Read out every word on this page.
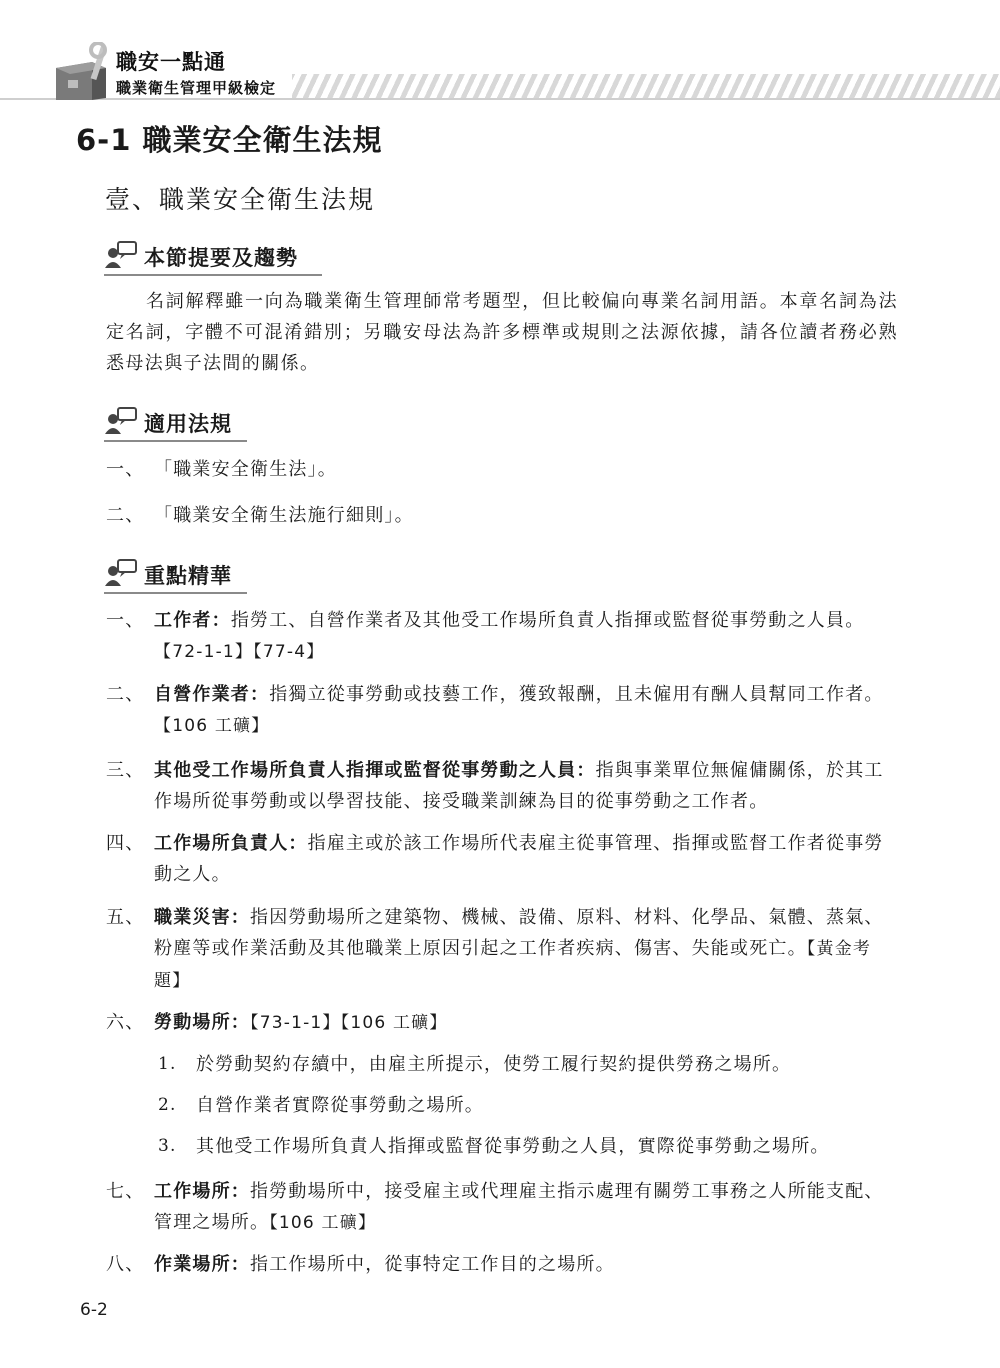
職安一點通
職業衛生管理甲級檢定
6-1 職業安全衛生法規
壹、職業安全衛生法規
本節提要及趨勢
名詞解釋雖一向為職業衛生管理師常考題型，但比較偏向專業名詞用語。本章名詞為法定名詞，字體不可混淆錯別；另職安母法為許多標準或規則之法源依據，請各位讀者務必熟悉母法與子法間的關係。
適用法規
一、 「職業安全衛生法」。
二、 「職業安全衛生法施行細則」。
重點精華
一、 工作者：指勞工、自營作業者及其他受工作場所負責人指揮或監督從事勞動之人員。【72-1-1】【77-4】
二、 自營作業者：指獨立從事勞動或技藝工作，獲致報酬，且未僱用有酬人員幫同工作者。【106 工礦】
三、 其他受工作場所負責人指揮或監督從事勞動之人員：指與事業單位無僱傭關係，於其工作場所從事勞動或以學習技能、接受職業訓練為目的從事勞動之工作者。
四、 工作場所負責人：指雇主或於該工作場所代表雇主從事管理、指揮或監督工作者從事勞動之人。
五、 職業災害：指因勞動場所之建築物、機械、設備、原料、材料、化學品、氣體、蒸氣、粉塵等或作業活動及其他職業上原因引起之工作者疾病、傷害、失能或死亡。【黃金考題】
六、 勞動場所：【73-1-1】【106 工礦】
1.	於勞動契約存續中，由雇主所提示，使勞工履行契約提供勞務之場所。
2.	自營作業者實際從事勞動之場所。
3.	其他受工作場所負責人指揮或監督從事勞動之人員，實際從事勞動之場所。
七、 工作場所：指勞動場所中，接受雇主或代理雇主指示處理有關勞工事務之人所能支配、管理之場所。【106 工礦】
八、 作業場所：指工作場所中，從事特定工作目的之場所。
6-2
